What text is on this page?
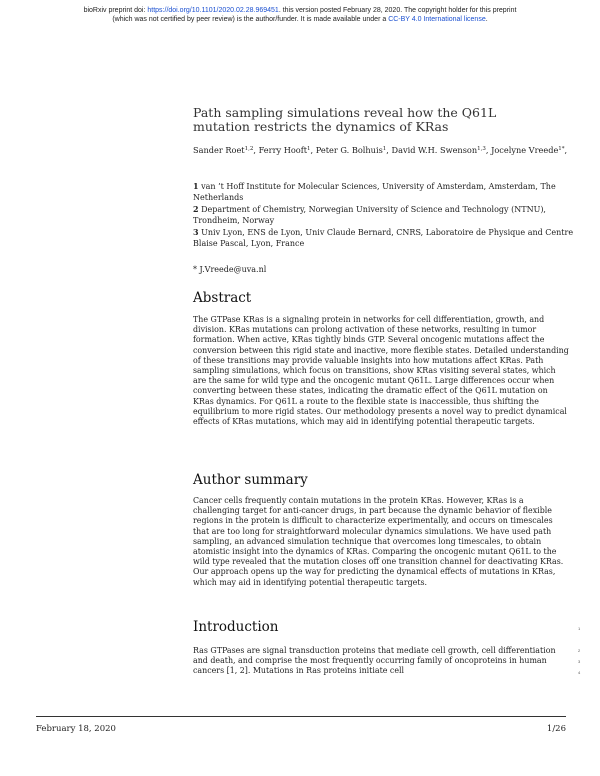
bioRxiv preprint doi: https://doi.org/10.1101/2020.02.28.969451. this version posted February 28, 2020. The copyright holder for this preprint
(which was not certified by peer review) is the author/funder. It is made available under a CC-BY 4.0 International license.
Path sampling simulations reveal how the Q61L mutation restricts the dynamics of KRas
Sander Roet$^{1,2}$, Ferry Hooft$^1$, Peter G. Bolhuis$^1$, David W.H. Swenson$^{1,3}$, Jocelyne Vreede$^{1*}$,

1 van ’t Hoff Institute for Molecular Sciences, University of Amsterdam, Amsterdam, The Netherlands

2 Department of Chemistry, Norwegian University of Science and Technology (NTNU), Trondheim, Norway

3 Univ Lyon, ENS de Lyon, Univ Claude Bernard, CNRS, Laboratoire de Physique and Centre Blaise Pascal, Lyon, France

* J.Vreede@uva.nl
Abstract

The GTPase KRas is a signaling protein in networks for cell differentiation, growth, and division. KRas mutations can prolong activation of these networks, resulting in tumor formation. When active, KRas tightly binds GTP. Several oncogenic mutations affect the conversion between this rigid state and inactive, more flexible states. Detailed understanding of these transitions may provide valuable insights into how mutations affect KRas. Path sampling simulations, which focus on transitions, show KRas visiting several states, which are the same for wild type and the oncogenic mutant Q61L. Large differences occur when converting between these states, indicating the dramatic effect of the Q61L mutation on KRas dynamics. For Q61L a route to the flexible state is inaccessible, thus shifting the equilibrium to more rigid states. Our methodology presents a novel way to predict dynamical effects of KRas mutations, which may aid in identifying potential therapeutic targets.

Author summary

Cancer cells frequently contain mutations in the protein KRas. However, KRas is a challenging target for anti-cancer drugs, in part because the dynamic behavior of flexible regions in the protein is difficult to characterize experimentally, and occurs on timescales that are too long for straightforward molecular dynamics simulations. We have used path sampling, an advanced simulation technique that overcomes long timescales, to obtain atomistic insight into the dynamics of KRas. Comparing the oncogenic mutant Q61L to the wild type revealed that the mutation closes off one transition channel for deactivating KRas. Our approach opens up the way for predicting the dynamical effects of mutations in KRas, which may aid in identifying potential therapeutic targets.

Introduction

Ras GTPases are signal transduction proteins that mediate cell growth, cell differentiation and death, and comprise the most frequently occurring family of oncoproteins in human cancers [1, 2]. Mutations in Ras proteins initiate cell

1
2
3
4
February 18, 2020	1/26
